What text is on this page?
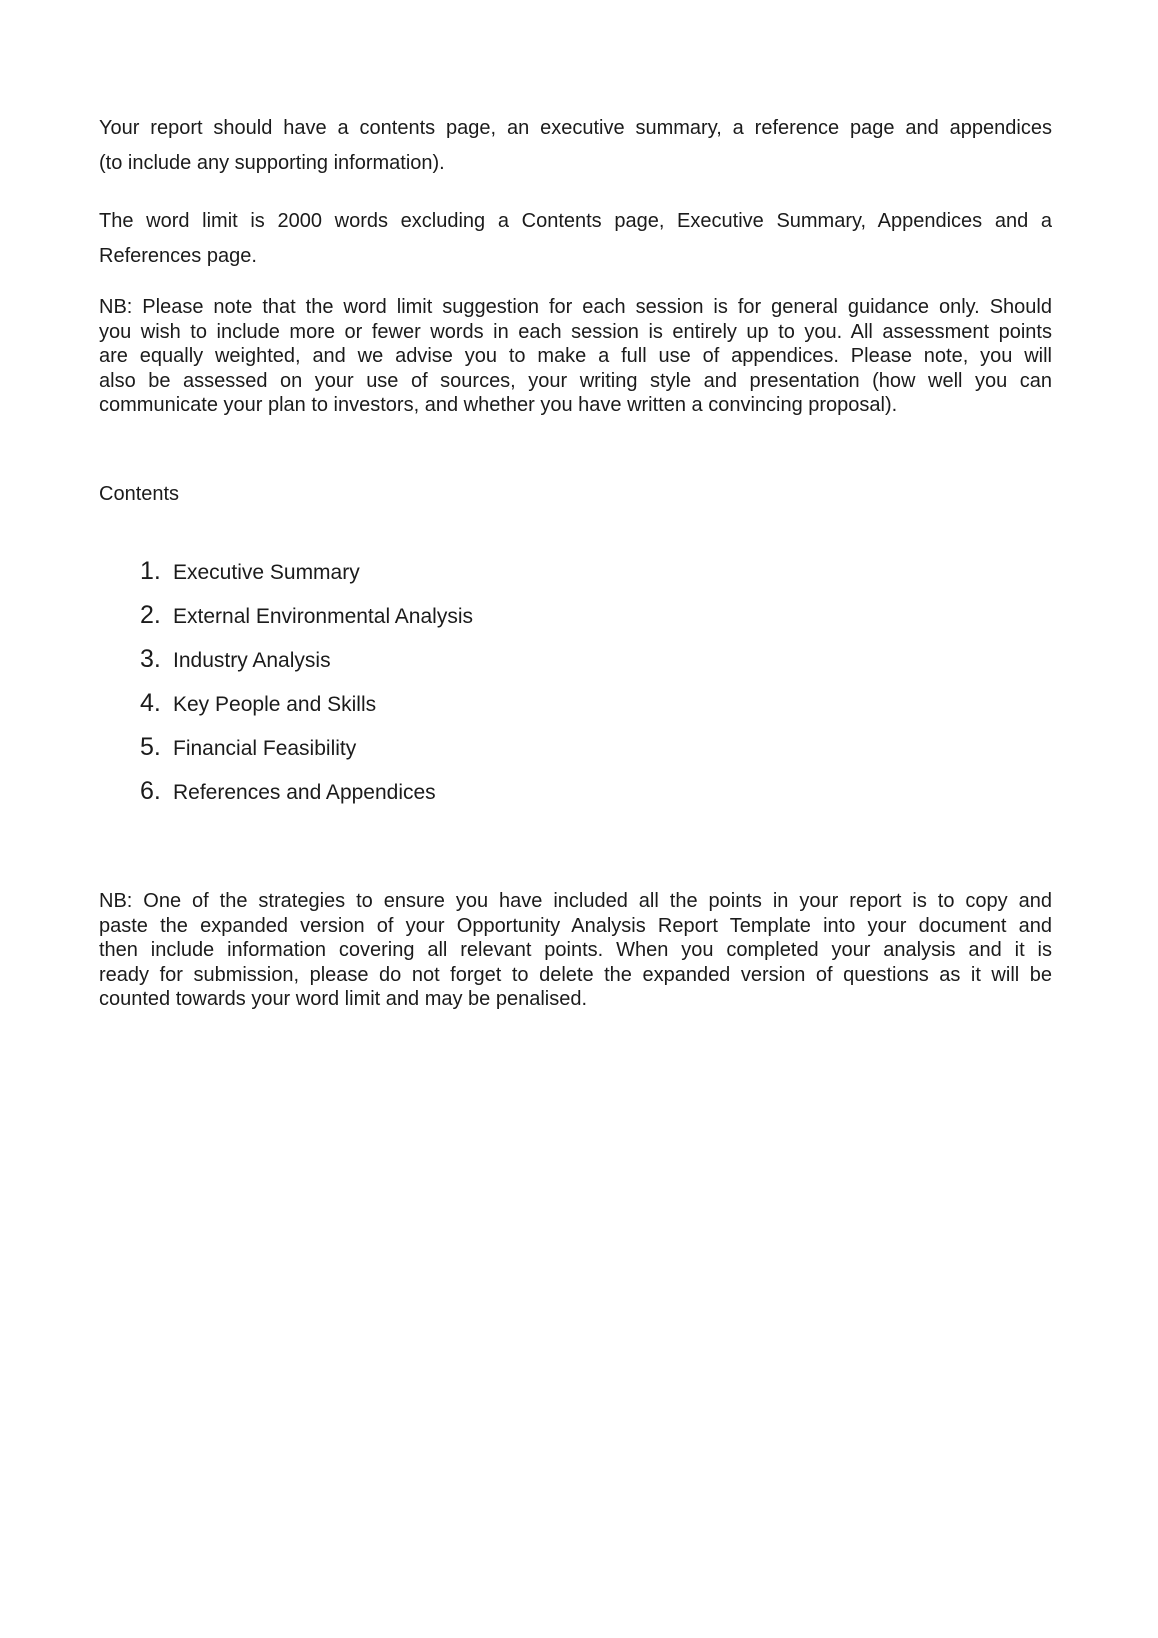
Your report should have a contents page, an executive summary, a reference page and appendices
(to include any supporting information).
The word limit is 2000 words excluding a Contents page, Executive Summary, Appendices and a
References page.
NB: Please note that the word limit suggestion for each session is for general guidance only. Should
you wish to include more or fewer words in each session is entirely up to you. All assessment points
are equally weighted, and we advise you to make a full use of appendices. Please note, you will
also be assessed on your use of sources, your writing style and presentation (how well you can
communicate your plan to investors, and whether you have written a convincing proposal).
Contents
1. Executive Summary
2. External Environmental Analysis
3. Industry Analysis
4. Key People and Skills
5. Financial Feasibility
6. References and Appendices
NB: One of the strategies to ensure you have included all the points in your report is to copy and
paste the expanded version of your Opportunity Analysis Report Template into your document and
then include information covering all relevant points. When you completed your analysis and it is
ready for submission, please do not forget to delete the expanded version of questions as it will be
counted towards your word limit and may be penalised.
